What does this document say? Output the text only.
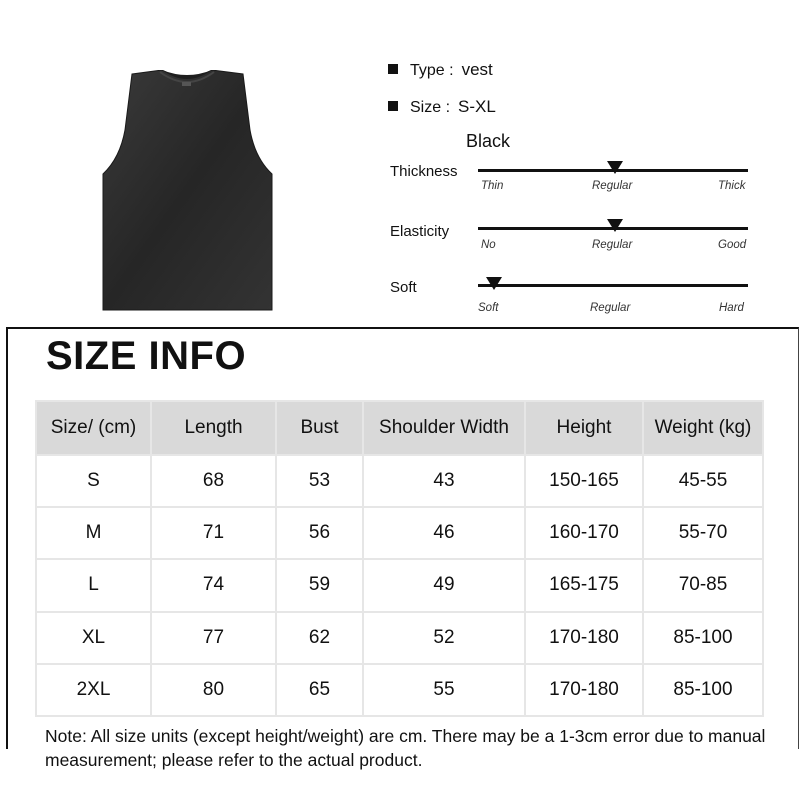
Type : vest
Size : S-XL
Black
Thickness
Thin	Regular	Thick
Elasticity
No	Regular	Good
Soft
Soft	Regular	Hard
SIZE INFO
Size/ (cm)	Length	Bust	Shoulder Width	Height	Weight (kg)
S	68	53	43	150-165	45-55
M	71	56	46	160-170	55-70
L	74	59	49	165-175	70-85
XL	77	62	52	170-180	85-100
2XL	80	65	55	170-180	85-100
Note: All size units (except height/weight) are cm. There may be a 1-3cm error due to manual measurement; please refer to the actual product.
